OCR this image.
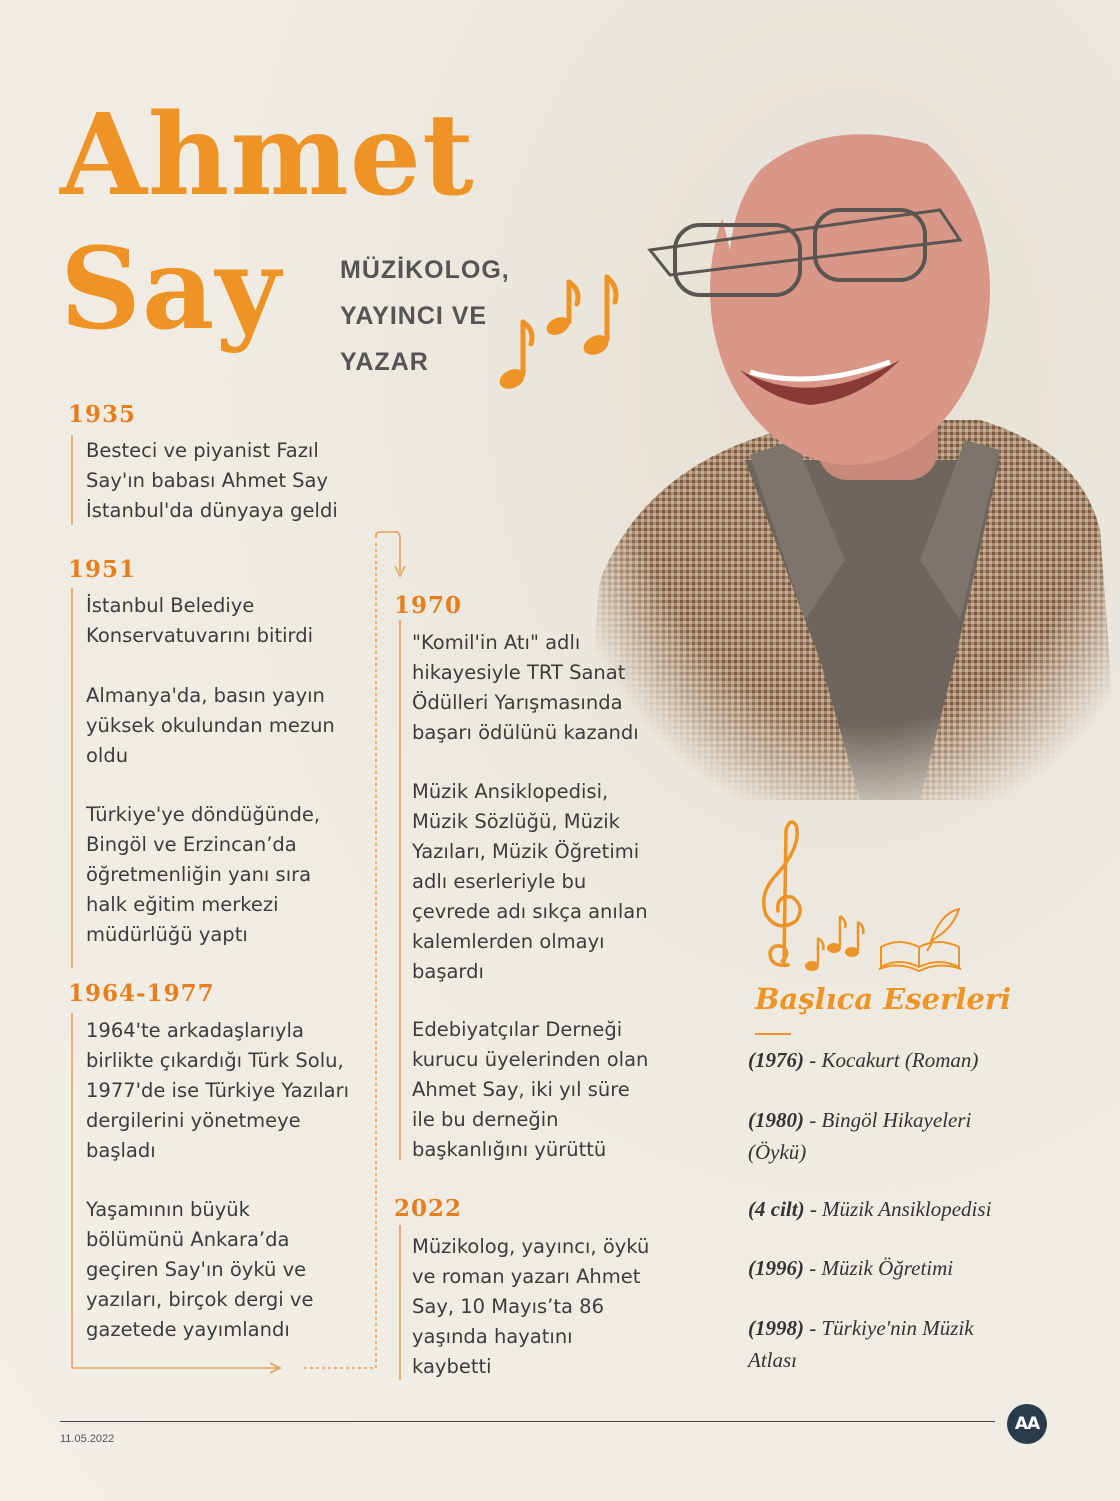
Ahmet
Say MÜZİKOLOG,
YAYINCI VE
YAZAR
1935

Besteci ve piyanist Fazıl
Say'ın babası Ahmet Say
İstanbul'da dünyaya geldi

1951

İstanbul Belediye
Konservatuvarını bitirdi

Almanya'da, basın yayın
yüksek okulundan mezun
oldu

Türkiye'ye döndüğünde,
Bingöl ve Erzincan’da
öğretmenliğin yanı sıra
halk eğitim merkezi
müdürlüğü yaptı

1964-1977

1964'te arkadaşlarıyla
birlikte çıkardığı Türk Solu,
1977'de ise Türkiye Yazıları
dergilerini yönetmeye
başladı

Yaşamının büyük
bölümünü Ankara’da
geçiren Say'ın öykü ve
yazıları, birçok dergi ve
gazetede yayımlandı

1970

"Komil'in Atı" adlı
hikayesiyle TRT Sanat
Ödülleri Yarışmasında
başarı ödülünü kazandı

Müzik Ansiklopedisi,
Müzik Sözlüğü, Müzik
Yazıları, Müzik Öğretimi
adlı eserleriyle bu
çevrede adı sıkça anılan
kalemlerden olmayı
başardı

Edebiyatçılar Derneği
kurucu üyelerinden olan
Ahmet Say, iki yıl süre
ile bu derneğin
başkanlığını yürüttü

2022

Müzikolog, yayıncı, öykü
ve roman yazarı Ahmet
Say, 10 Mayıs’ta 86
yaşında hayatını
kaybetti

Başlıca Eserleri

(1976) - Kocakurt (Roman)

(1980) - Bingöl Hikayeleri (Öykü)

(4 cilt) - Müzik Ansiklopedisi

(1996) - Müzik Öğretimi

(1998) - Türkiye'nin Müzik Atlası

11.05.2022
AA
